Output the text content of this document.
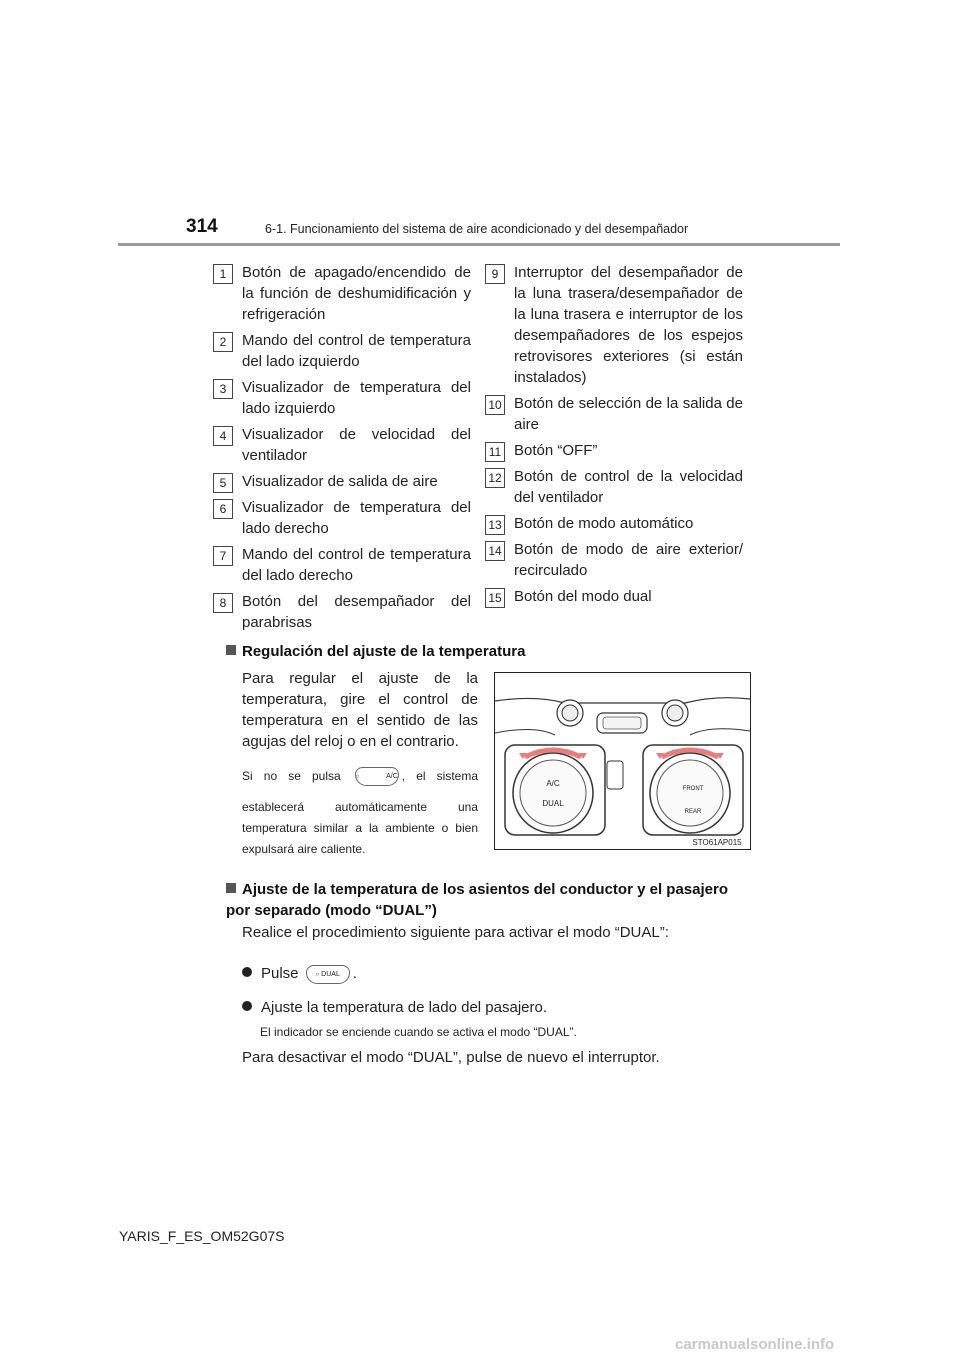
314	6-1. Funcionamiento del sistema de aire acondicionado y del desempañador
1	Botón de apagado/encendido de la función de deshumidificación y refrigeración
2	Mando del control de temperatura del lado izquierdo
3	Visualizador de temperatura del lado izquierdo
4	Visualizador de velocidad del ventilador
5	Visualizador de salida de aire
6	Visualizador de temperatura del lado derecho
7	Mando del control de temperatura del lado derecho
8	Botón del desempañador del parabrisas
9	Interruptor del desempañador de la luna trasera/desempañador de la luna trasera e interruptor de los desempañadores de los espejos retrovisores exteriores (si están instalados)
10 Botón de selección de la salida de aire
11 Botón “OFF”
12 Botón de control de la velocidad del ventilador
13 Botón de modo automático
14 Botón de modo de aire exterior/ recirculado
15 Botón del modo dual
Regulación del ajuste de la temperatura
Para regular el ajuste de la temperatura, gire el control de temperatura en el sentido de las agujas del reloj o en el contrario.
Si no se pulsa	○ A/C , el sistema
establecerá automáticamente una temperatura similar a la ambiente o bien expulsará aire caliente.
A/C
DUAL
FRONT
REAR
STO61AP015
Ajuste de la temperatura de los asientos del conductor y el pasajero por separado (modo “DUAL”)
Realice el procedimiento siguiente para activar el modo “DUAL”:
Pulse	○ DUAL .
Ajuste la temperatura de lado del pasajero.
El indicador se enciende cuando se activa el modo “DUAL”.
Para desactivar el modo “DUAL”, pulse de nuevo el interruptor.
YARIS_F_ES_OM52G07S
carmanualsonline.info
